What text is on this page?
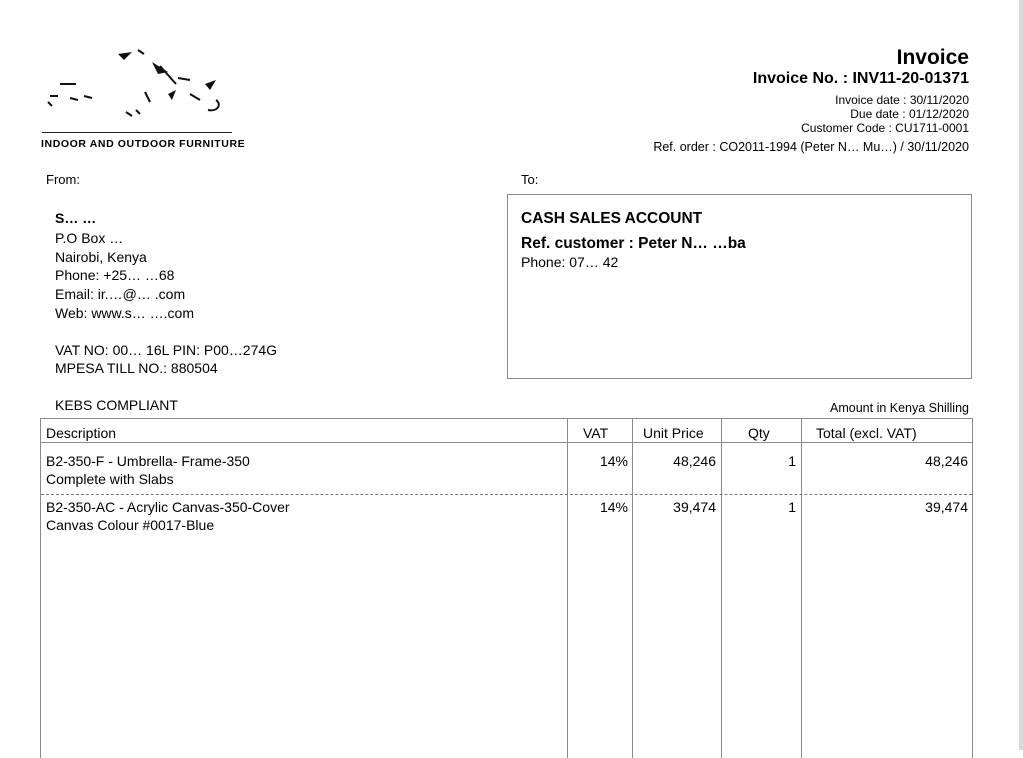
INDOOR AND OUTDOOR FURNITURE
Invoice
Invoice No. : INV11-20-01371
Invoice date : 30/11/2020
Due date : 01/12/2020
Customer Code : CU1711-0001
Ref. order : CO2011-1994 (Peter N… Mu…) / 30/11/2020
From:
S… …
P.O Box …
Nairobi, Kenya
Phone: +25… …68
Email: ir.…@… .com
Web: www.s… ….com
VAT NO: 00… 16L PIN: P00…274G
MPESA TILL NO.: 880504
KEBS COMPLIANT
To:
CASH SALES ACCOUNT
Ref. customer : Peter N… …ba
Phone: 07… 42
Amount in Kenya Shilling
Description	VAT Unit Price	Qty	Total (excl. VAT)
B2-350-F - Umbrella- Frame-350
Complete with Slabs
14%	48,246	1	48,246
B2-350-AC - Acrylic Canvas-350-Cover
Canvas Colour #0017-Blue
14%	39,474	1	39,474
